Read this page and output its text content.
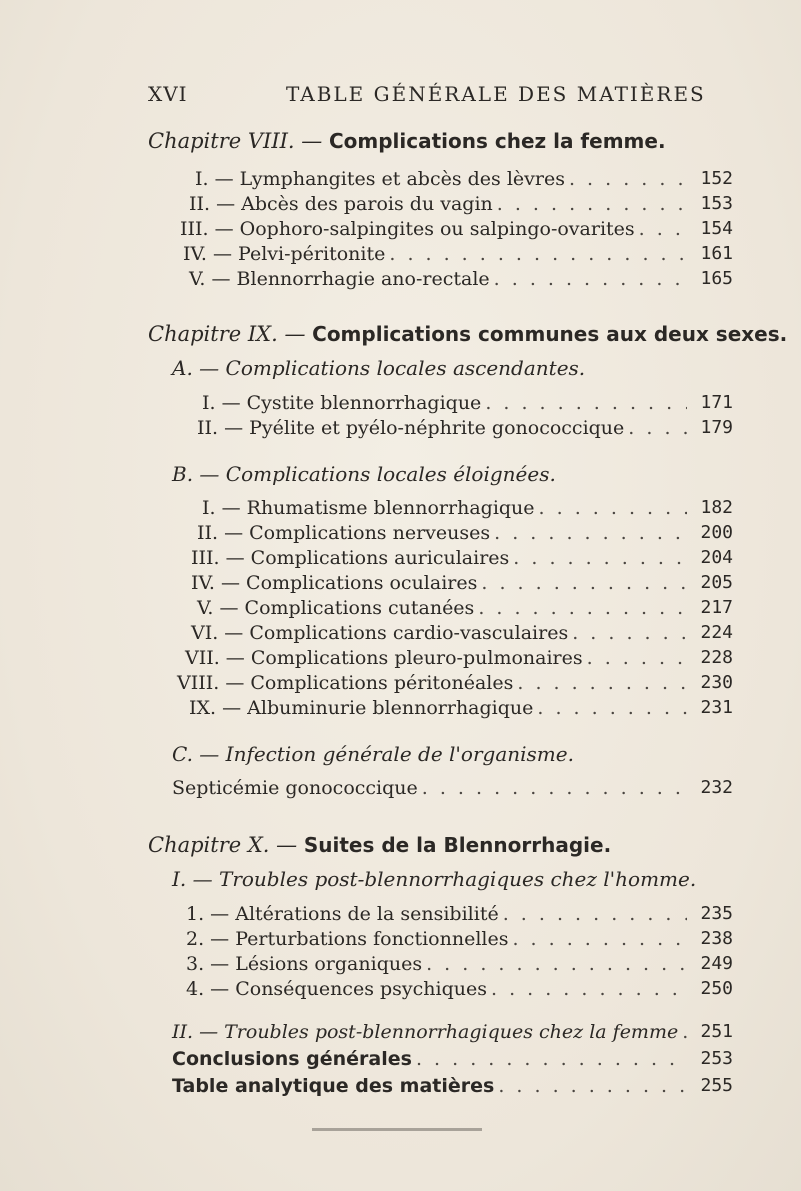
XVI	TABLE GÉNÉRALE DES MATIÈRES
Chapitre VIII. — Complications chez la femme.
I. —
Lymphangites et abcès des lèvres . . .	152
II. —
Abcès des parois du vagin . . .	153
III. —
Oophoro-salpingites ou salpingo-ovarites . . .	154
IV. —
Pelvi-péritonite . . .	161
V. —
Blennorrhagie ano-rectale . . .	165
Chapitre IX. — Complications communes aux deux sexes.
A. — Complications locales ascendantes.
I. —
Cystite blennorrhagique . . .	171
II. —
Pyélite et pyélo-néphrite gonococcique . . .	179
B. — Complications locales éloignées.
I. —
Rhumatisme blennorrhagique . . .	182
II. —
Complications nerveuses . . .	200
III. —
Complications auriculaires . . .	204
IV. —
Complications oculaires . . .	205
V. —
Complications cutanées . . .	217
VI. —
Complications cardio-vasculaires . . .	224
VII. —
Complications pleuro-pulmonaires . . .	228
VIII. —
Complications péritonéales . . .	230
IX. —
Albuminurie blennorrhagique . . .	231
C. — Infection générale de l'organisme.
Septicémie gonococcique . . .	232
Chapitre X. — Suites de la Blennorrhagie.
I. — Troubles post-blennorrhagiques chez l'homme.
1. —
Altérations de la sensibilité . . .	235
2. —
Perturbations fonctionnelles . . .	238
3. —
Lésions organiques . . .	249
4. —
Conséquences psychiques . . .	250
II. — Troubles post-blennorrhagiques chez la femme . . .	251
Conclusions générales . . .	253
Table analytique des matières . . .	255
